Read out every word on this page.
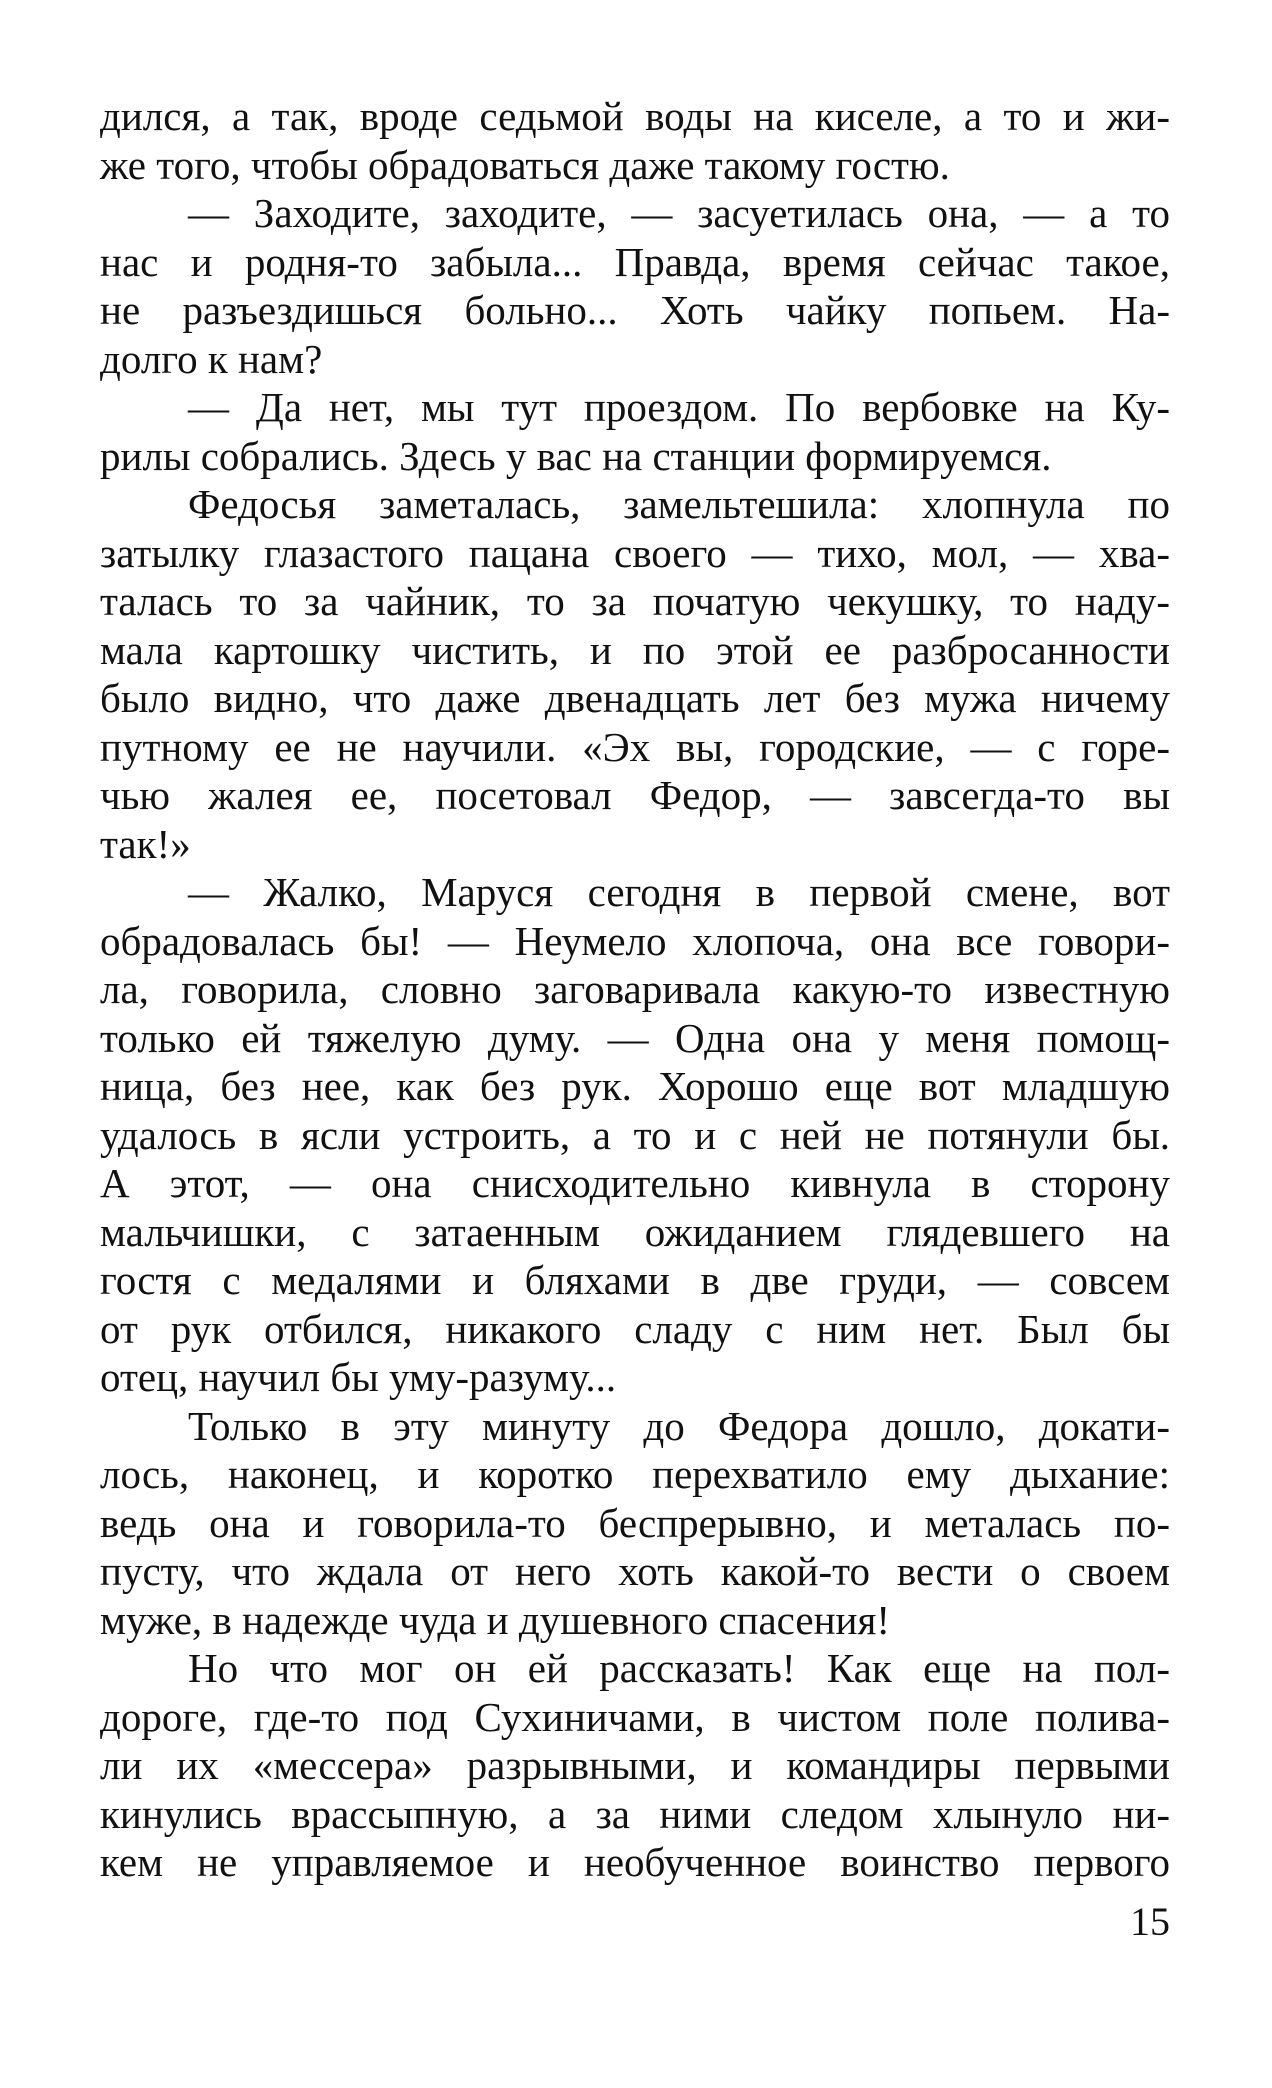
дился, а так, вроде седьмой воды на киселе, а то и жи-
же того, чтобы обрадоваться даже такому гостю.
— Заходите, заходите, — засуетилась она, — а то
нас и родня-то забыла... Правда, время сейчас такое,
не разъездишься больно... Хоть чайку попьем. На-
долго к нам?
— Да нет, мы тут проездом. По вербовке на Ку-
рилы собрались. Здесь у вас на станции формируемся.
Федосья заметалась, замельтешила: хлопнула по
затылку глазастого пацана своего — тихо, мол, — хва-
талась то за чайник, то за початую чекушку, то наду-
мала картошку чистить, и по этой ее разбросанности
было видно, что даже двенадцать лет без мужа ничему
путному ее не научили. «Эх вы, городские, — с горе-
чью жалея ее, посетовал Федор, — завсегда-то вы
так!»
— Жалко, Маруся сегодня в первой смене, вот
обрадовалась бы! — Неумело хлопоча, она все говори-
ла, говорила, словно заговаривала какую-то известную
только ей тяжелую думу. — Одна она у меня помощ-
ница, без нее, как без рук. Хорошо еще вот младшую
удалось в ясли устроить, а то и с ней не потянули бы.
А этот, — она снисходительно кивнула в сторону
мальчишки, с затаенным ожиданием глядевшего на
гостя с медалями и бляхами в две груди, — совсем
от рук отбился, никакого сладу с ним нет. Был бы
отец, научил бы уму-разуму...
Только в эту минуту до Федора дошло, докати-
лось, наконец, и коротко перехватило ему дыхание:
ведь она и говорила-то беспрерывно, и металась по-
пусту, что ждала от него хоть какой-то вести о своем
муже, в надежде чуда и душевного спасения!
Но что мог он ей рассказать! Как еще на пол-
дороге, где-то под Сухиничами, в чистом поле полива-
ли их «мессера» разрывными, и командиры первыми
кинулись врассыпную, а за ними следом хлынуло ни-
кем не управляемое и необученное воинство первого
15
